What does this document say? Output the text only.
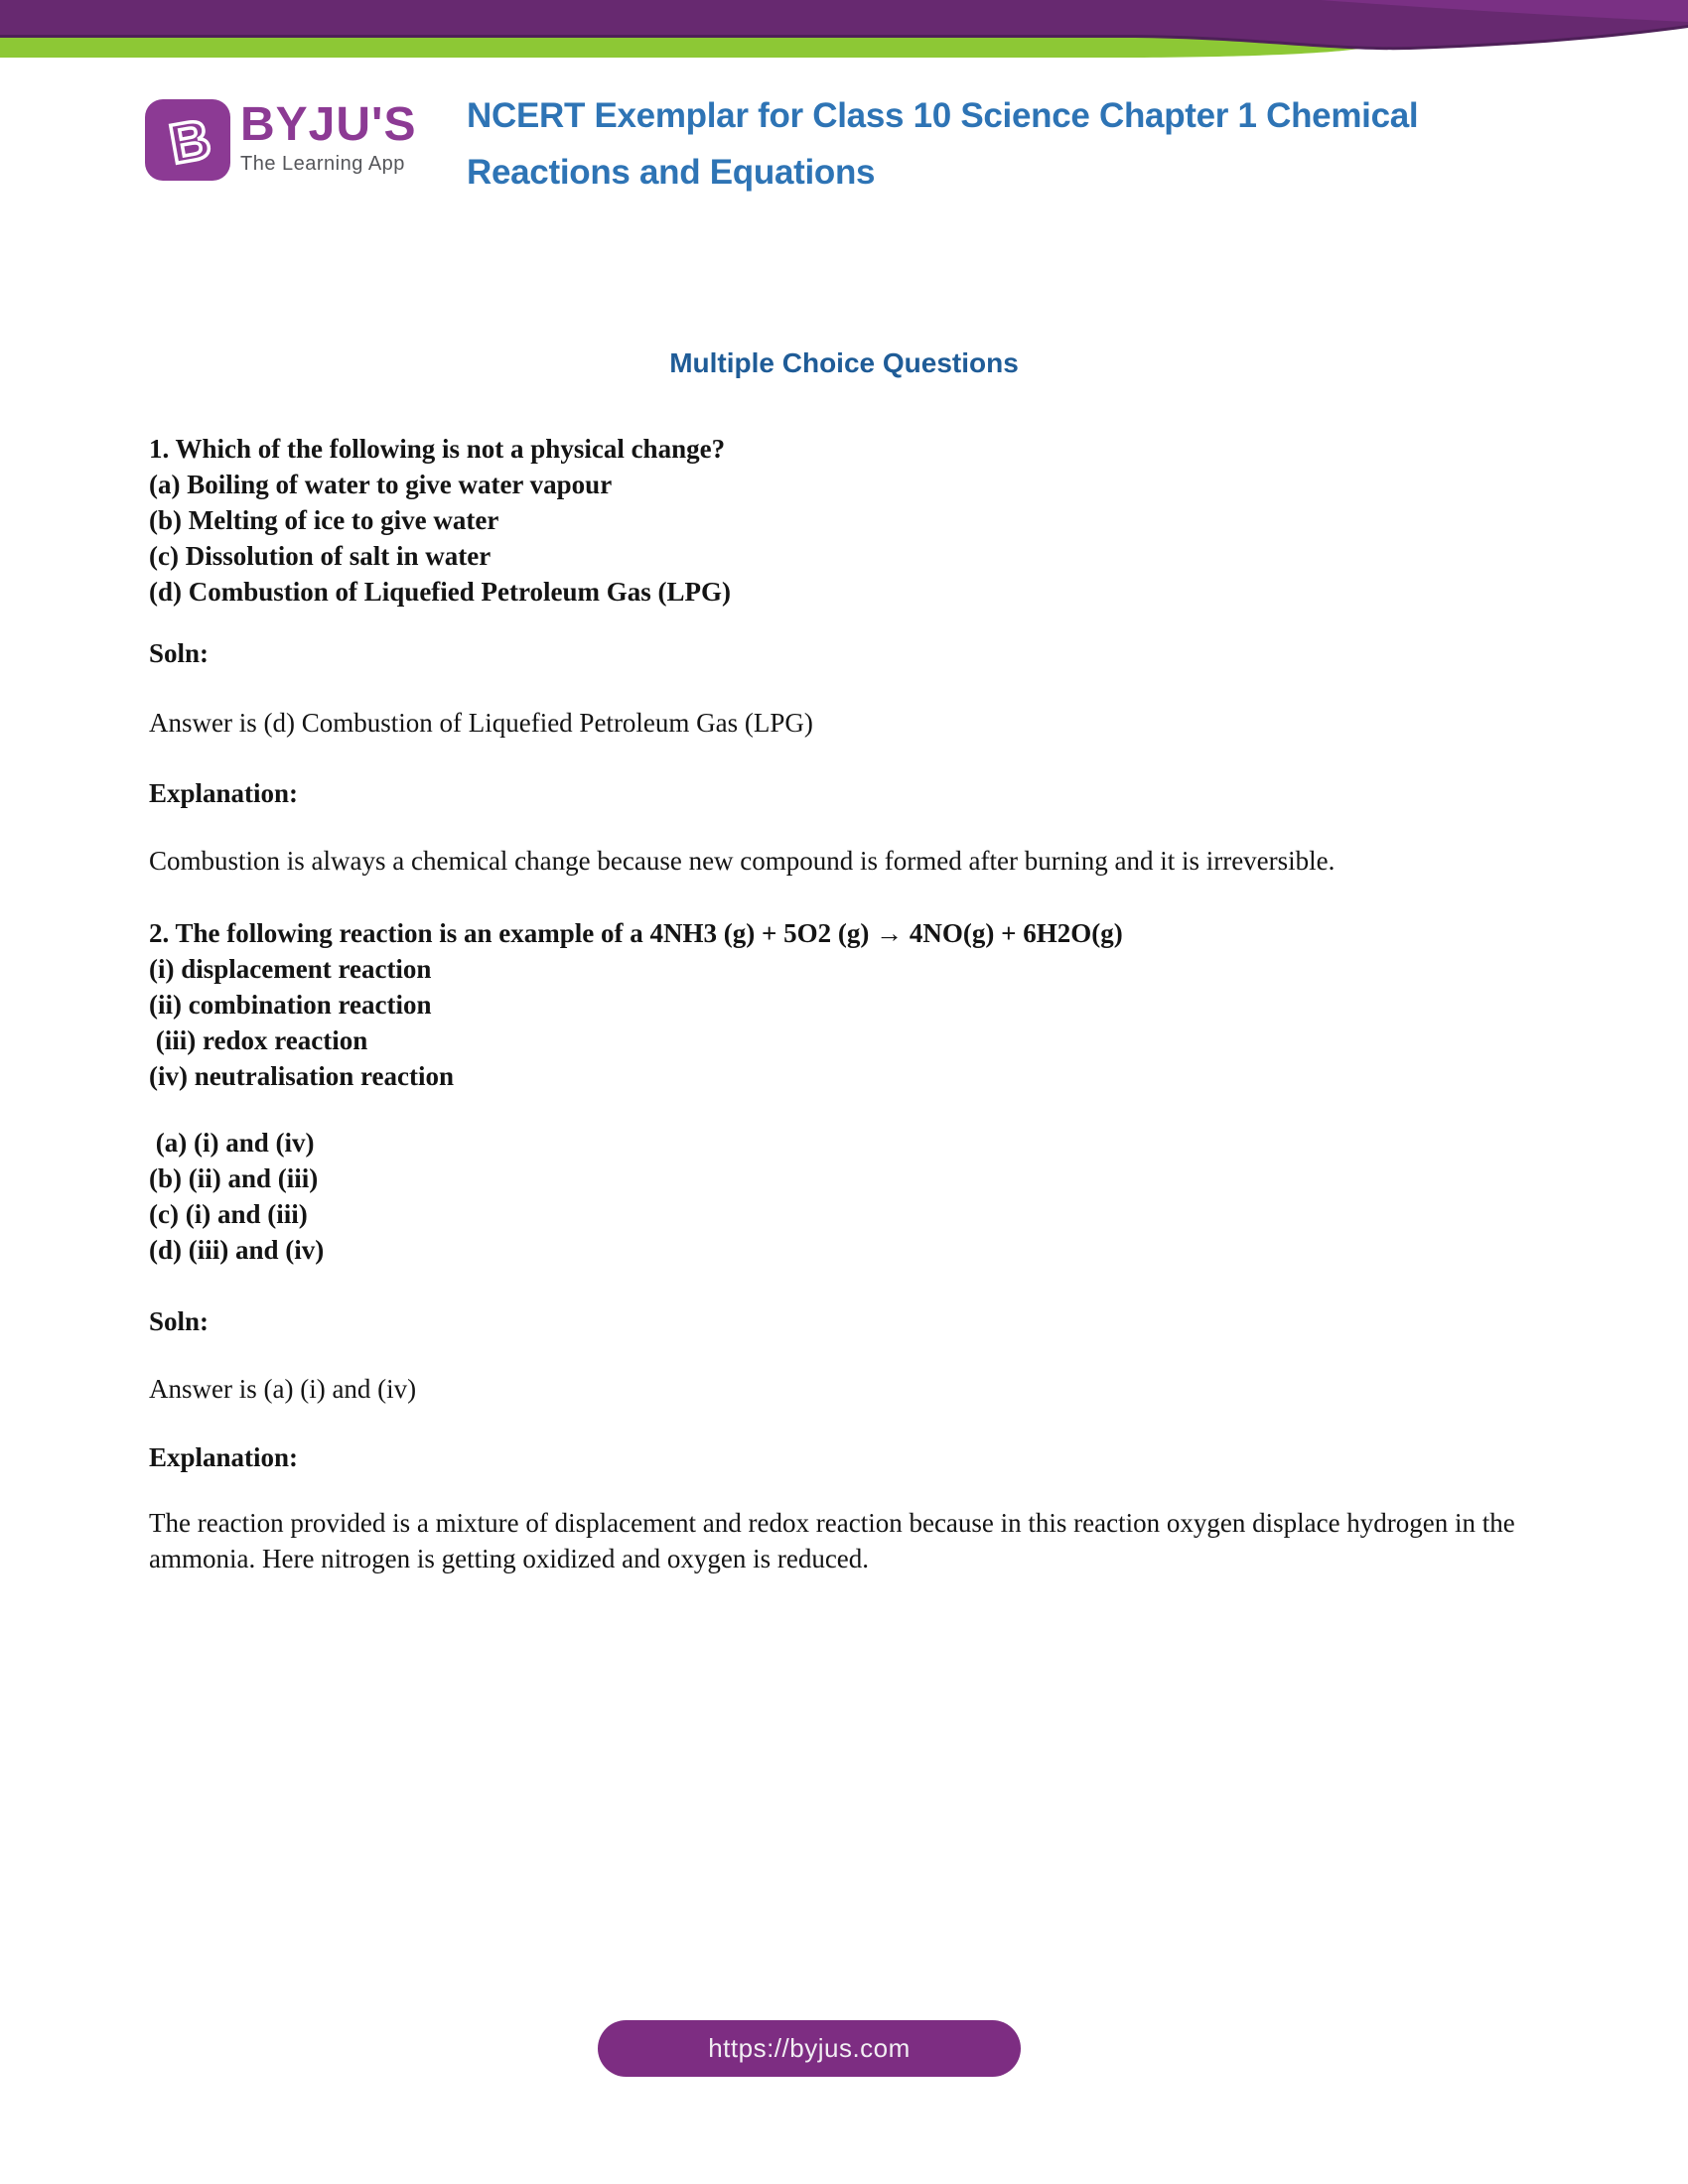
B BYJU'S
The Learning App
NCERT Exemplar for Class 10 Science Chapter 1 Chemical
Reactions and Equations
Multiple Choice Questions
1. Which of the following is not a physical change?
(a) Boiling of water to give water vapour
(b) Melting of ice to give water
(c) Dissolution of salt in water
(d) Combustion of Liquefied Petroleum Gas (LPG)
Soln:
Answer is (d) Combustion of Liquefied Petroleum Gas (LPG)
Explanation:
Combustion is always a chemical change because new compound is formed after burning and it is irreversible.
2. The following reaction is an example of a 4NH3 (g) + 5O2 (g) → 4NO(g) + 6H2O(g)
(i) displacement reaction
(ii) combination reaction
(iii) redox reaction
(iv) neutralisation reaction
(a) (i) and (iv)
(b) (ii) and (iii)
(c) (i) and (iii)
(d) (iii) and (iv)
Soln:
Answer is (a) (i) and (iv)
Explanation:
The reaction provided is a mixture of displacement and redox reaction because in this reaction oxygen displace hydrogen in the ammonia. Here nitrogen is getting oxidized and oxygen is reduced.
https://byjus.com
